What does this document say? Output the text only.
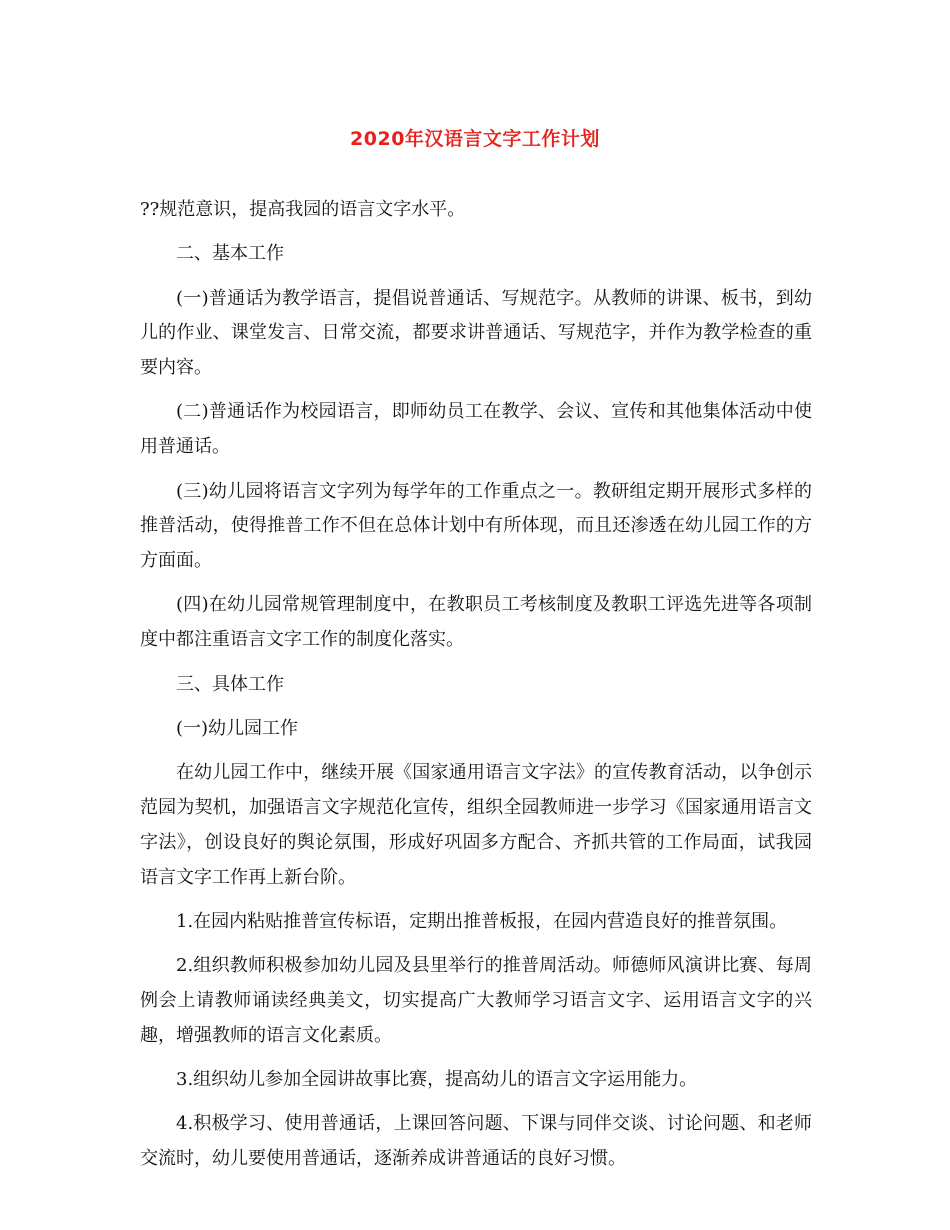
2020年汉语言文字工作计划

??规范意识，提高我园的语言文字水平。

二、基本工作

(一)普通话为教学语言，提倡说普通话、写规范字。从教师的讲课、板书，到幼儿的作业、课堂发言、日常交流，都要求讲普通话、写规范字，并作为教学检查的重要内容。

(二)普通话作为校园语言，即师幼员工在教学、会议、宣传和其他集体活动中使用普通话。

(三)幼儿园将语言文字列为每学年的工作重点之一。教研组定期开展形式多样的推普活动，使得推普工作不但在总体计划中有所体现，而且还渗透在幼儿园工作的方方面面。

(四)在幼儿园常规管理制度中，在教职员工考核制度及教职工评选先进等各项制度中都注重语言文字工作的制度化落实。

三、具体工作

(一)幼儿园工作

在幼儿园工作中，继续开展《国家通用语言文字法》的宣传教育活动，以争创示范园为契机，加强语言文字规范化宣传，组织全园教师进一步学习《国家通用语言文字法》，创设良好的舆论氛围，形成好巩固多方配合、齐抓共管的工作局面，试我园语言文字工作再上新台阶。

1.在园内粘贴推普宣传标语，定期出推普板报，在园内营造良好的推普氛围。

2.组织教师积极参加幼儿园及县里举行的推普周活动。师德师风演讲比赛、每周例会上请教师诵读经典美文，切实提高广大教师学习语言文字、运用语言文字的兴趣，增强教师的语言文化素质。

3.组织幼儿参加全园讲故事比赛，提高幼儿的语言文字运用能力。

4.积极学习、使用普通话，上课回答问题、下课与同伴交谈、讨论问题、和老师交流时，幼儿要使用普通话，逐渐养成讲普通话的良好习惯。
